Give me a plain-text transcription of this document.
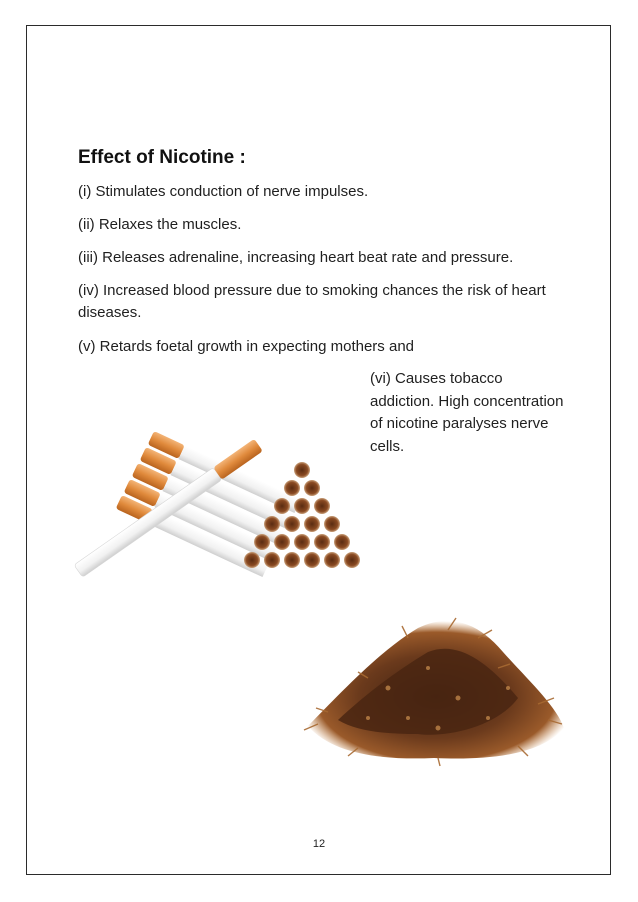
Effect of Nicotine :

(i) Stimulates conduction of nerve impulses.

(ii) Relaxes the muscles.

(iii) Releases adrenaline, increasing heart beat rate and pressure.

(iv) Increased blood pressure due to smoking chances the risk of heart diseases.

(v) Retards foetal growth in expecting mothers and

(vi) Causes tobacco addiction. High concentration of nicotine paralyses nerve cells.

12
